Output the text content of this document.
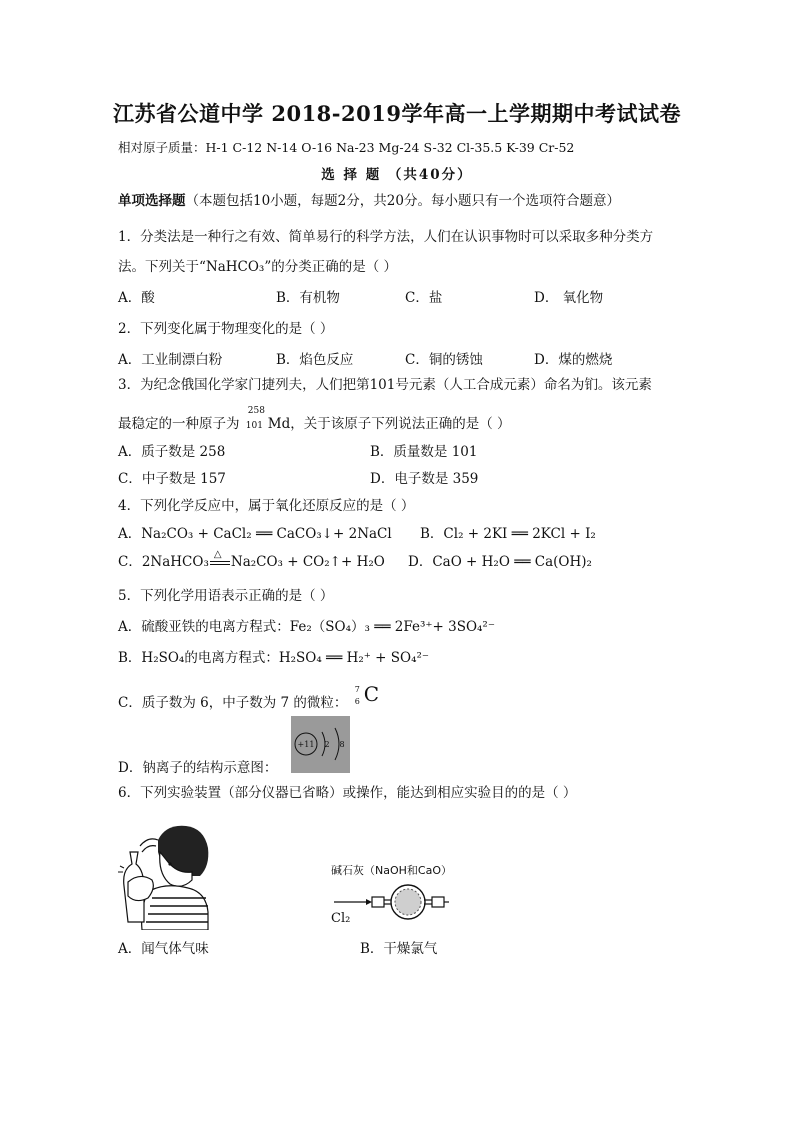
江苏省公道中学 2018-2019学年高一上学期期中考试试卷
相对原子质量：H-1 C-12 N-14 O-16 Na-23 Mg-24 S-32 Cl-35.5 K-39 Cr-52
选 择 题 （共40分）
单项选择题（本题包括10小题，每题2分，共20分。每小题只有一个选项符合题意）
1．分类法是一种行之有效、简单易行的科学方法，人们在认识事物时可以采取多种分类方
法。下列关于“NaHCO₃”的分类正确的是（ ）
A．酸	B．有机物	C．盐	D． 氧化物
2．下列变化属于物理变化的是（ ）
A．工业制漂白粉	B．焰色反应	C．铜的锈蚀	D．煤的燃烧
3．为纪念俄国化学家门捷列夫，人们把第101号元素（人工合成元素）命名为钔。该元素
最稳定的一种原子为
258
101 Md，关于该原子下列说法正确的是（ ）
A．质子数是 258	B．质量数是 101
C．中子数是 157	D．电子数是 359
4．下列化学反应中，属于氧化还原反应的是（ ）
A．Na₂CO₃ + CaCl₂ ══ CaCO₃↓+ 2NaCl B．Cl₂ + 2KI ══ 2KCl + I₂
C．2NaHCO₃ △ Na₂CO₃ + CO₂↑+ H₂O D．CaO + H₂O ══ Ca(OH)₂
5．下列化学用语表示正确的是（ ）
A．硫酸亚铁的电离方程式：Fe₂（SO₄）₃ ══ 2Fe³⁺+ 3SO₄²⁻
B．H₂SO₄的电离方程式：H₂SO₄ ══ H₂⁺ + SO₄²⁻
C．质子数为 6，中子数为 7 的微粒：
7
6 C
D．钠离子的结构示意图：
+11 2 8
6．下列实验装置（部分仪器已省略）或操作，能达到相应实验目的的是（ ）
A．闻气体气味
碱石灰（NaOH和CaO）
Cl₂
B．干燥氯气
